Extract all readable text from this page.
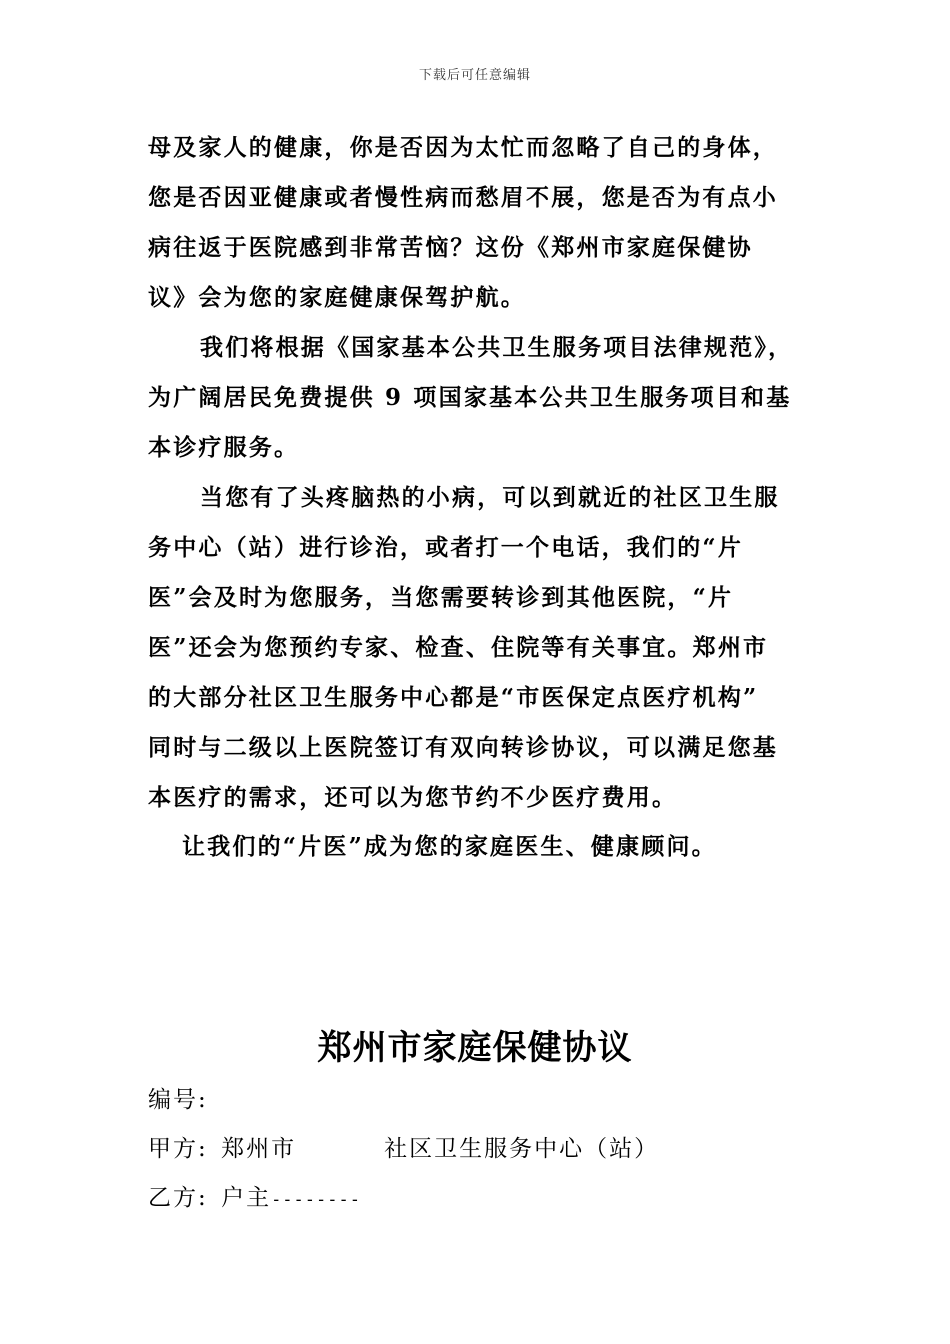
下载后可任意编辑
母及家人的健康，你是否因为太忙而忽略了自己的身体，
您是否因亚健康或者慢性病而愁眉不展，您是否为有点小
病往返于医院感到非常苦恼？这份《郑州市家庭保健协
议》会为您的家庭健康保驾护航。
我们将根据《国家基本公共卫生服务项目法律规范》，
为广阔居民免费提供 9 项国家基本公共卫生服务项目和基
本诊疗服务。
当您有了头疼脑热的小病，可以到就近的社区卫生服
务中心（站）进行诊治，或者打一个电话，我们的“片
医”会及时为您服务，当您需要转诊到其他医院，“片
医”还会为您预约专家、检查、住院等有关事宜。郑州市
的大部分社区卫生服务中心都是“市医保定点医疗机构”
同时与二级以上医院签订有双向转诊协议，可以满足您基
本医疗的需求，还可以为您节约不少医疗费用。
让我们的“片医”成为您的家庭医生、健康顾问。
郑州市家庭保健协议
编号:
甲方: 郑州市	社区卫生服务中心（站）
乙方: 户主--------
